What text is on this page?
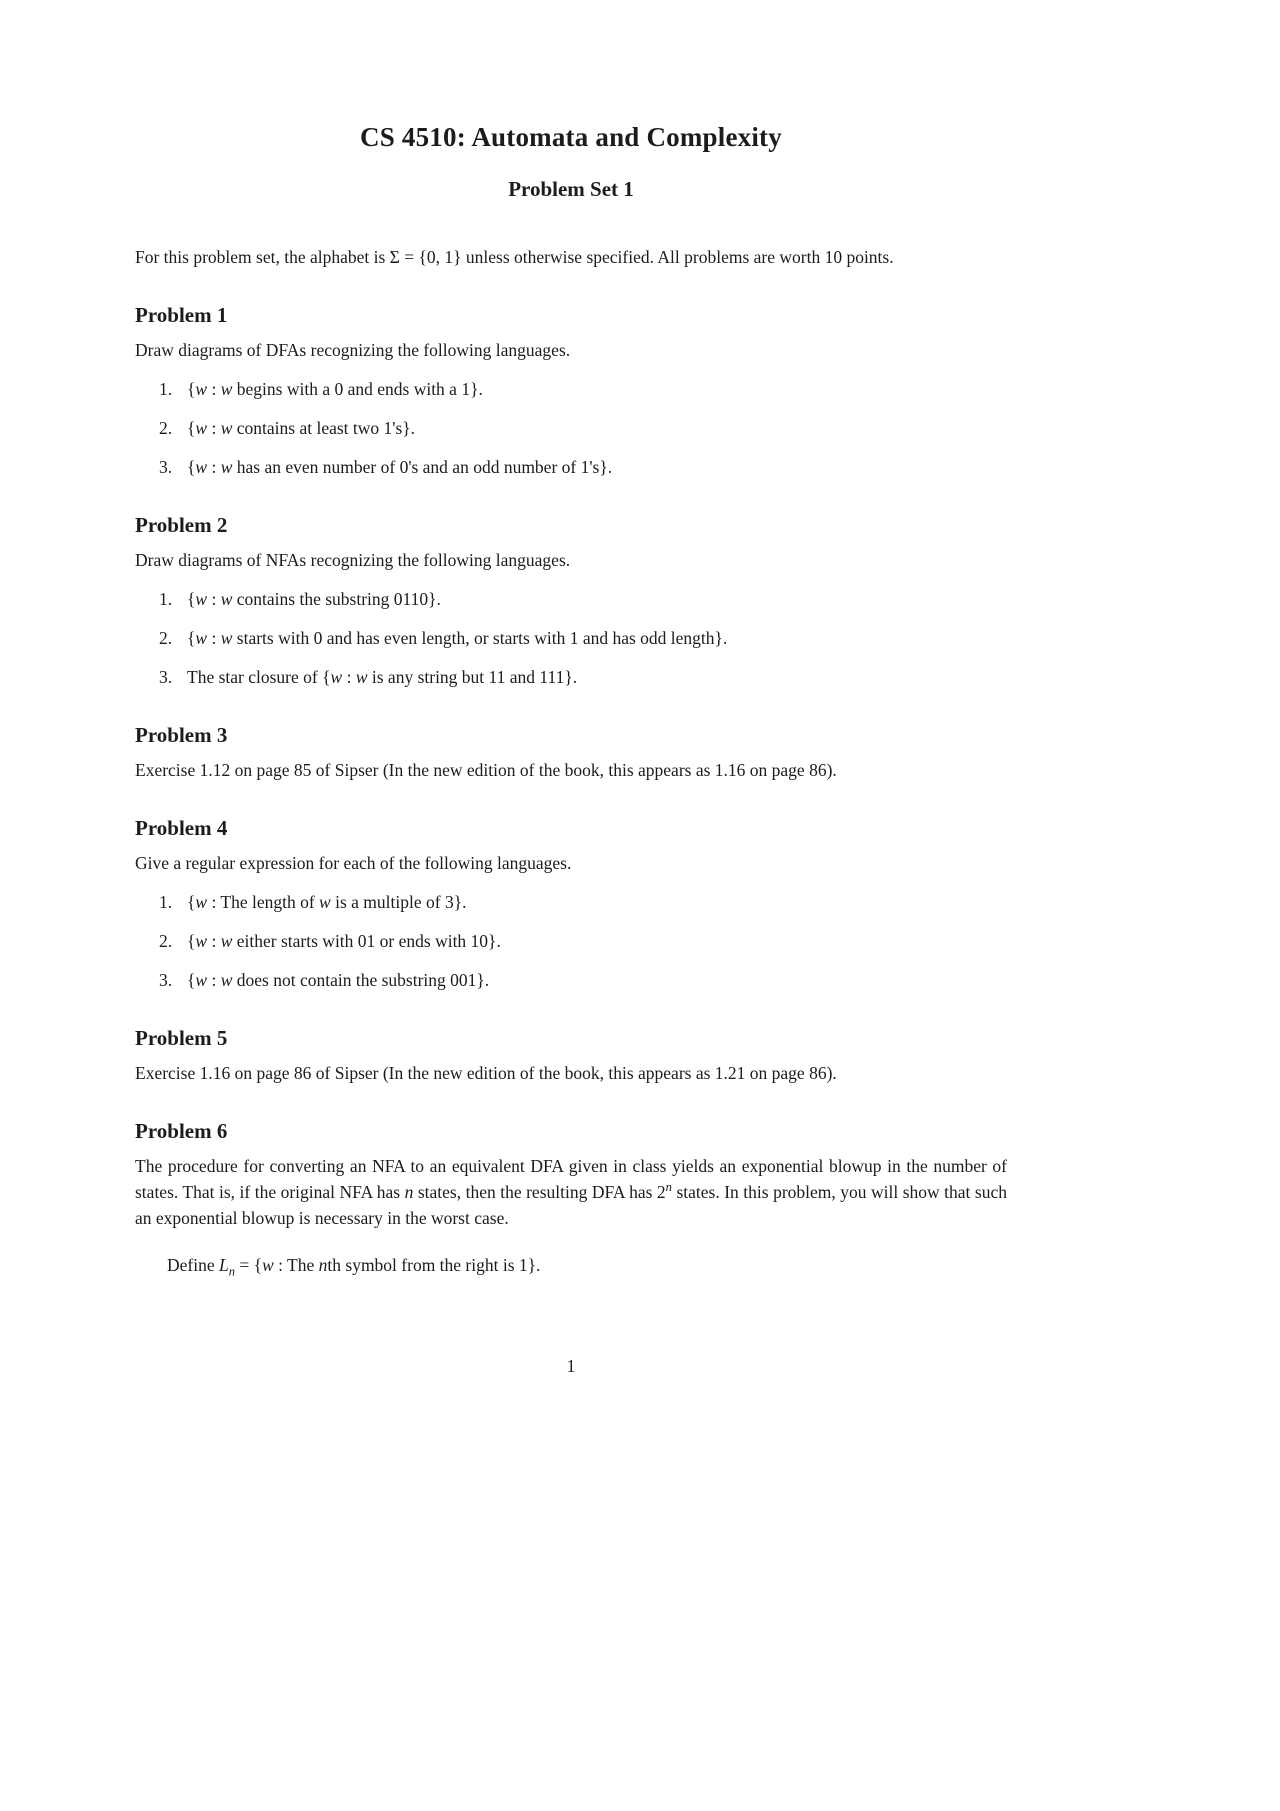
CS 4510: Automata and Complexity
Problem Set 1

For this problem set, the alphabet is Σ = {0, 1} unless otherwise specified. All problems are worth 10 points.

Problem 1

Draw diagrams of DFAs recognizing the following languages.

1. {w : w begins with a 0 and ends with a 1}.
2. {w : w contains at least two 1's}.
3. {w : w has an even number of 0's and an odd number of 1's}.
Problem 2

Draw diagrams of NFAs recognizing the following languages.

1. {w : w contains the substring 0110}.
2. {w : w starts with 0 and has even length, or starts with 1 and has odd length}.
3. The star closure of {w : w is any string but 11 and 111}.
Problem 3

Exercise 1.12 on page 85 of Sipser (In the new edition of the book, this appears as 1.16 on page 86).

Problem 4

Give a regular expression for each of the following languages.

1. {w : The length of w is a multiple of 3}.
2. {w : w either starts with 01 or ends with 10}.
3. {w : w does not contain the substring 001}.
Problem 5

Exercise 1.16 on page 86 of Sipser (In the new edition of the book, this appears as 1.21 on page 86).

Problem 6

The procedure for converting an NFA to an equivalent DFA given in class yields an exponential blowup in the number of states. That is, if the original NFA has n states, then the resulting DFA has 2$^n$ states. In this problem, you will show that such an exponential blowup is necessary in the worst case.

Define $L_n = \{w$ : The nth symbol from the right is 1}.

1
